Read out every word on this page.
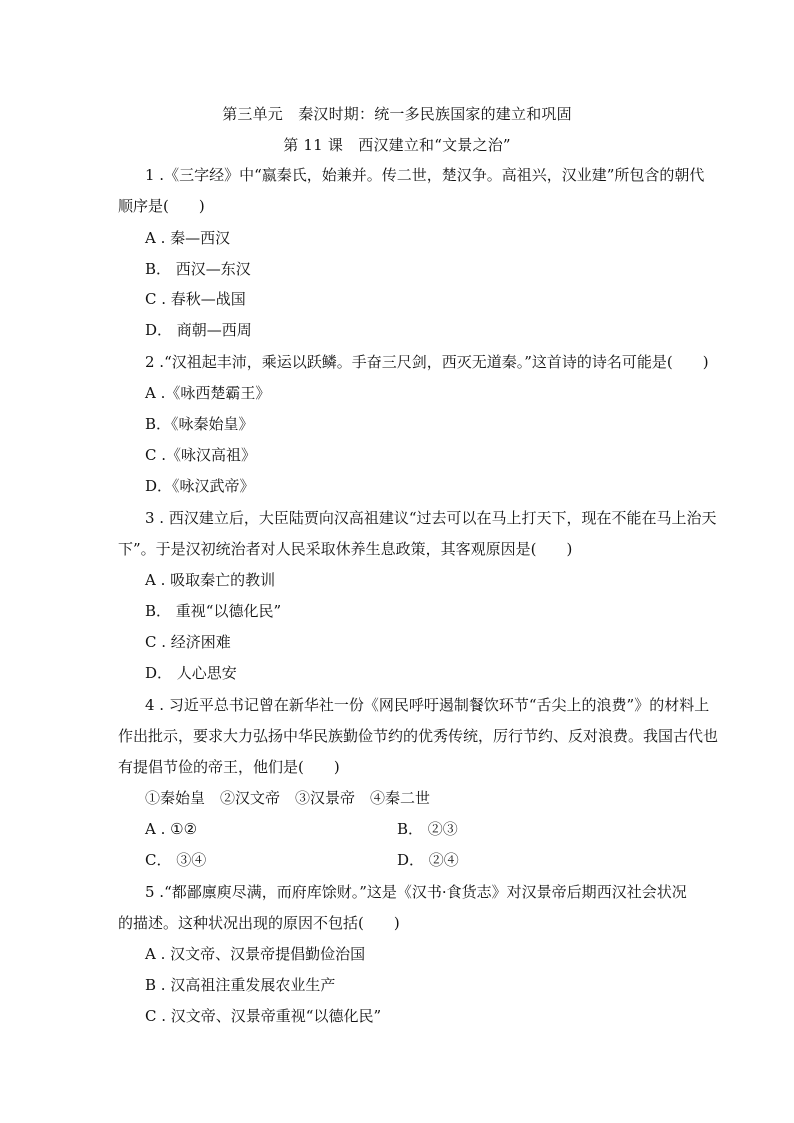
第三单元　秦汉时期：统一多民族国家的建立和巩固
第 11 课　西汉建立和“文景之治”
1 .《三字经》中“嬴秦氏，始兼并。传二世，楚汉争。高祖兴，汉业建”所包含的朝代
顺序是(　　)
A . 秦—西汉
B． 西汉—东汉
C . 春秋—战国
D． 商朝—西周
2 .“汉祖起丰沛，乘运以跃鳞。手奋三尺剑，西灭无道秦。”这首诗的诗名可能是(　　)
A .《咏西楚霸王》
B．《咏秦始皇》
C .《咏汉高祖》
D．《咏汉武帝》
3 . 西汉建立后，大臣陆贾向汉高祖建议“过去可以在马上打天下，现在不能在马上治天
下”。于是汉初统治者对人民采取休养生息政策，其客观原因是(　　)
A . 吸取秦亡的教训
B． 重视“以德化民”
C . 经济困难
D． 人心思安
4 . 习近平总书记曾在新华社一份《网民呼吁遏制餐饮环节“舌尖上的浪费”》的材料上
作出批示，要求大力弘扬中华民族勤俭节约的优秀传统，厉行节约、反对浪费。我国古代也
有提倡节俭的帝王，他们是(　　)
①秦始皇　②汉文帝　③汉景帝　④秦二世
A . ①②	B． ②③
C． ③④	D． ②④
5 .“都鄙廪庾尽满，而府库馀财。”这是《汉书·食货志》对汉景帝后期西汉社会状况
的描述。这种状况出现的原因不包括(　　)
A . 汉文帝、汉景帝提倡勤俭治国
B . 汉高祖注重发展农业生产
C . 汉文帝、汉景帝重视“以德化民”
